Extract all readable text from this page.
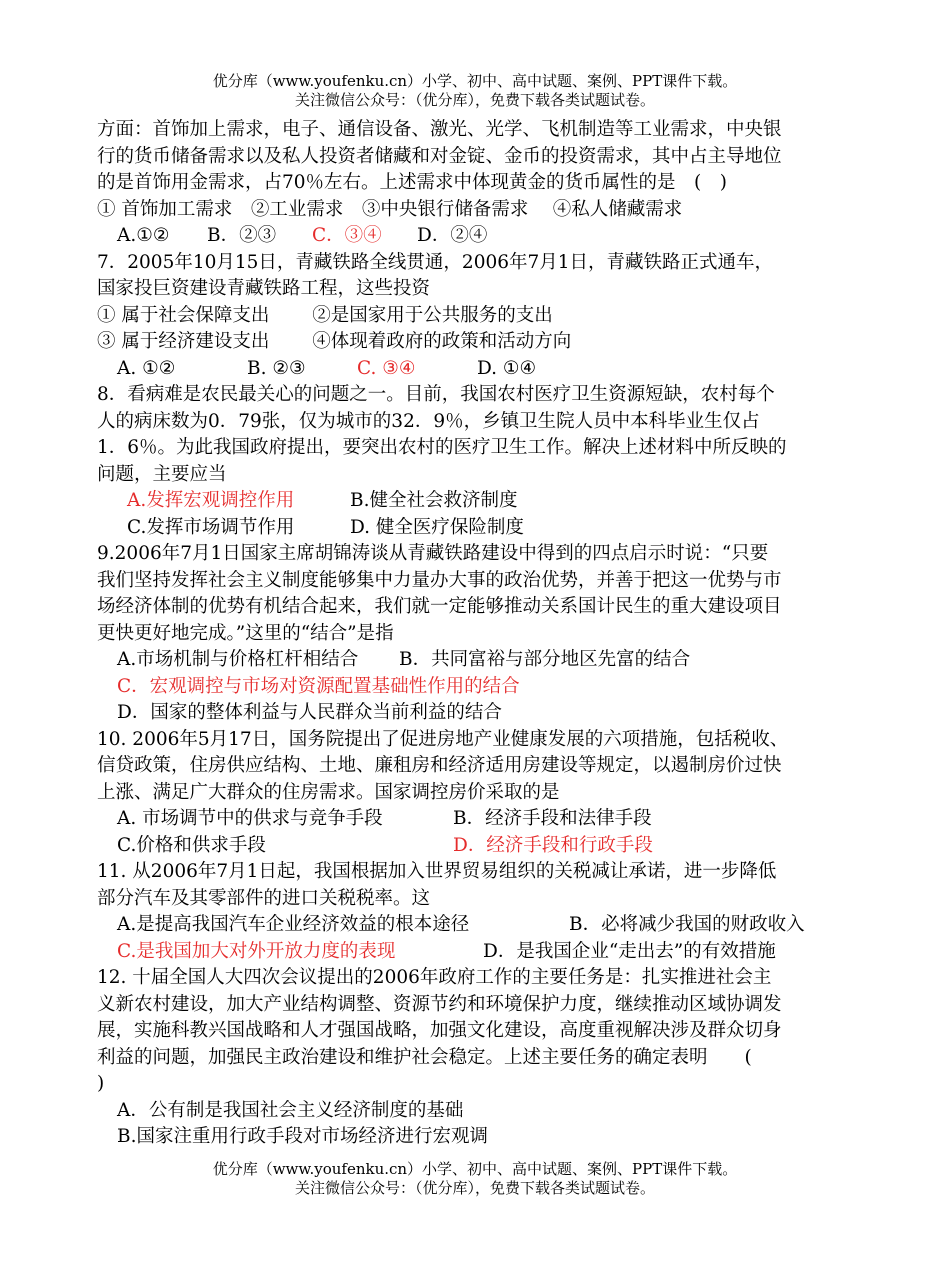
优分库（www.youfenku.cn）小学、初中、高中试题、案例、PPT课件下载。
关注微信公众号：（优分库），免费下载各类试题试卷。
方面：首饰加上需求，电子、通信设备、激光、光学、飞机制造等工业需求，中央银
行的货币储备需求以及私人投资者储藏和对金锭、金币的投资需求，其中占主导地位
的是首饰用金需求，占70％左右。上述需求中体现黄金的货币属性的是　(　)
① 首饰加工需求　②工业需求　③中央银行储备需求　 ④私人储藏需求
A.①② B．②③ C．③④ D．②④
7．2005年10月15日，青藏铁路全线贯通，2006年7月1日，青藏铁路正式通车，
国家投巨资建设青藏铁路工程，这些投资
① 属于社会保障支出　　 ②是国家用于公共服务的支出
③ 属于经济建设支出　　 ④体现着政府的政策和活动方向
A. ①②	B. ②③	C. ③④	D. ①④
8．看病难是农民最关心的问题之一。目前，我国农村医疗卫生资源短缺，农村每个
人的病床数为0．79张，仅为城市的32．9％，乡镇卫生院人员中本科毕业生仅占
1．6％。为此我国政府提出，要突出农村的医疗卫生工作。解决上述材料中所反映的
问题，主要应当
A.发挥宏观调控作用	B.健全社会救济制度
C.发挥市场调节作用	D. 健全医疗保险制度
9.2006年7月1日国家主席胡锦涛谈从青藏铁路建设中得到的四点启示时说：“只要
我们坚持发挥社会主义制度能够集中力量办大事的政治优势，并善于把这一优势与市
场经济体制的优势有机结合起来，我们就一定能够推动关系国计民生的重大建设项目
更快更好地完成。”这里的“结合”是指
A.市场机制与价格杠杆相结合 B．共同富裕与部分地区先富的结合
C．宏观调控与市场对资源配置基础性作用的结合
D．国家的整体利益与人民群众当前利益的结合
10. 2006年5月17日，国务院提出了促进房地产业健康发展的六项措施，包括税收、
信贷政策，住房供应结构、土地、廉租房和经济适用房建设等规定，以遏制房价过快
上涨、满足广大群众的住房需求。国家调控房价采取的是
A. 市场调节中的供求与竞争手段	B．经济手段和法律手段
C.价格和供求手段	D．经济手段和行政手段
11. 从2006年7月1日起，我国根据加入世界贸易组织的关税减让承诺，进一步降低
部分汽车及其零部件的进口关税税率。这
A.是提高我国汽车企业经济效益的根本途径	B．必将减少我国的财政收入
C.是我国加大对外开放力度的表现	D．是我国企业“走出去”的有效措施
12. 十届全国人大四次会议提出的2006年政府工作的主要任务是：扎实推进社会主
义新农村建设，加大产业结构调整、资源节约和环境保护力度，继续推动区域协调发
展，实施科教兴国战略和人才强国战略，加强文化建设，高度重视解决涉及群众切身
利益的问题，加强民主政治建设和维护社会稳定。上述主要任务的确定表明　　(
)
A．公有制是我国社会主义经济制度的基础
B.国家注重用行政手段对市场经济进行宏观调
优分库（www.youfenku.cn）小学、初中、高中试题、案例、PPT课件下载。
关注微信公众号：（优分库），免费下载各类试题试卷。
